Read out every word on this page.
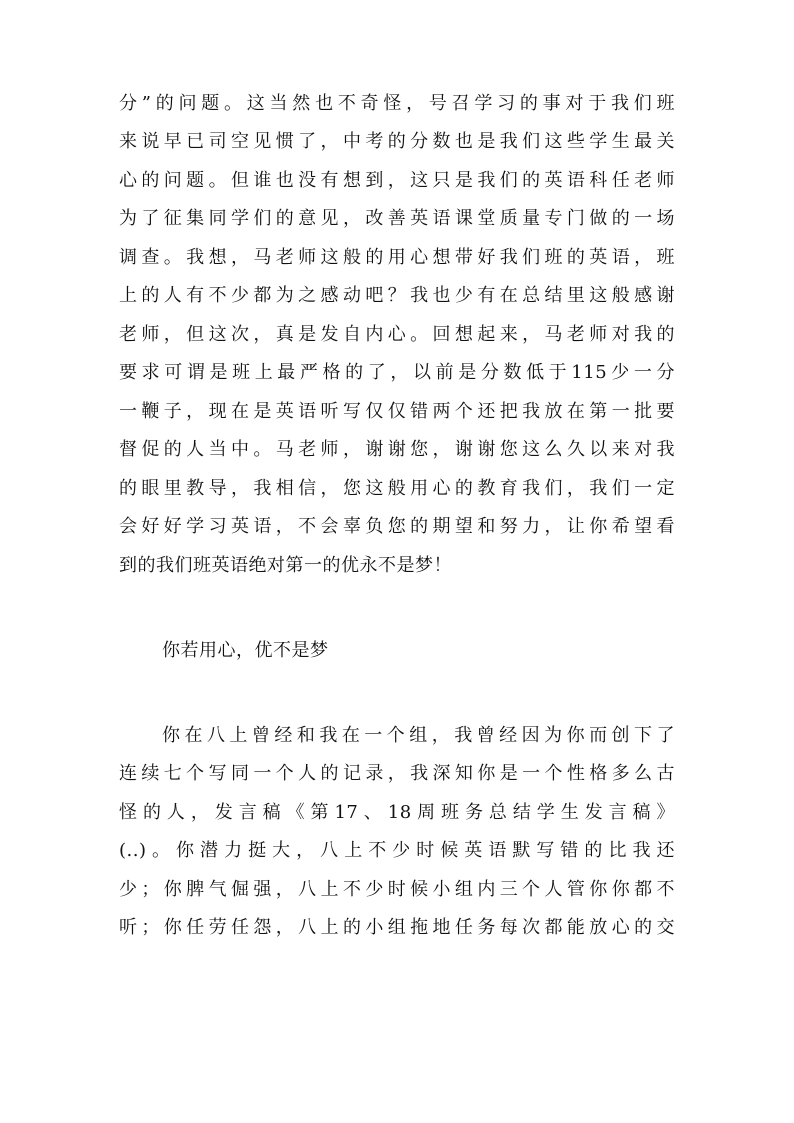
分”的问题。这当然也不奇怪，号召学习的事对于我们班
来说早已司空见惯了，中考的分数也是我们这些学生最关
心的问题。但谁也没有想到，这只是我们的英语科任老师
为了征集同学们的意见，改善英语课堂质量专门做的一场
调查。我想，马老师这般的用心想带好我们班的英语，班
上的人有不少都为之感动吧？我也少有在总结里这般感谢
老师，但这次，真是发自内心。回想起来，马老师对我的
要求可谓是班上最严格的了，以前是分数低于115少一分
一鞭子，现在是英语听写仅仅错两个还把我放在第一批要
督促的人当中。马老师，谢谢您，谢谢您这么久以来对我
的眼里教导，我相信，您这般用心的教育我们，我们一定
会好好学习英语，不会辜负您的期望和努力，让你希望看
到的我们班英语绝对第一的优永不是梦！
你若用心，优不是梦
你在八上曾经和我在一个组，我曾经因为你而创下了
连续七个写同一个人的记录，我深知你是一个性格多么古
怪的人，发言稿《第17、18周班务总结学生发言稿》
(..)。你潜力挺大，八上不少时候英语默写错的比我还
少；你脾气倔强，八上不少时候小组内三个人管你你都不
听；你任劳任怨，八上的小组拖地任务每次都能放心的交
